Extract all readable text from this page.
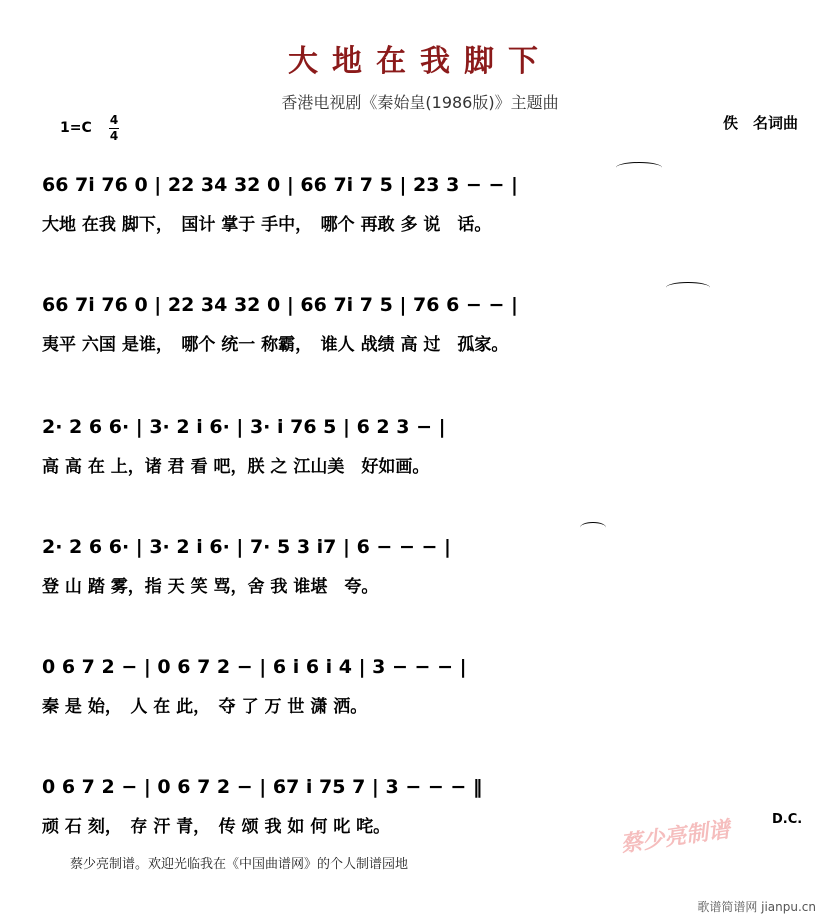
大地在我脚下
香港电视剧《秦始皇(1986版)》主题曲
1=C 4
4
佚　名词曲
66 7i 76 0 | 22 34 32 0 | 66 7i 7 5 | 23 3 − − |
大地 在我 脚下，　国计 掌于 手中，　哪个 再敢 多 说　话。
66 7i 76 0 | 22 34 32 0 | 66 7i 7 5 | 76 6 − − |
夷平 六国 是谁，　哪个 统一 称霸，　谁人 战绩 高 过　孤家。
2· 2 6 6· | 3· 2 i 6· | 3· i 76 5 | 6 2 3 − |
高 高 在 上，诸 君 看 吧，朕 之 江山美　好如画。
2· 2 6 6· | 3· 2 i 6· | 7· 5 3 i7 | 6 − − − |
登 山 踏 雾，指 天 笑 骂，舍 我 谁堪　夸。
0 6 7 2 − | 0 6 7 2 − | 6 i 6 i 4 | 3 − − − |
秦 是 始，　人 在 此，　夺 了 万 世 潇 洒。
0 6 7 2 − | 0 6 7 2 − | 67 i 75 7 | 3 − − − ‖
顽 石 刻，　存 汗 青，　传 颂 我 如 何 叱 咤。	D.C.
蔡少亮制谱。欢迎光临我在《中国曲谱网》的个人制谱园地
蔡少亮制谱
歌谱简谱网 jianpu.cn
